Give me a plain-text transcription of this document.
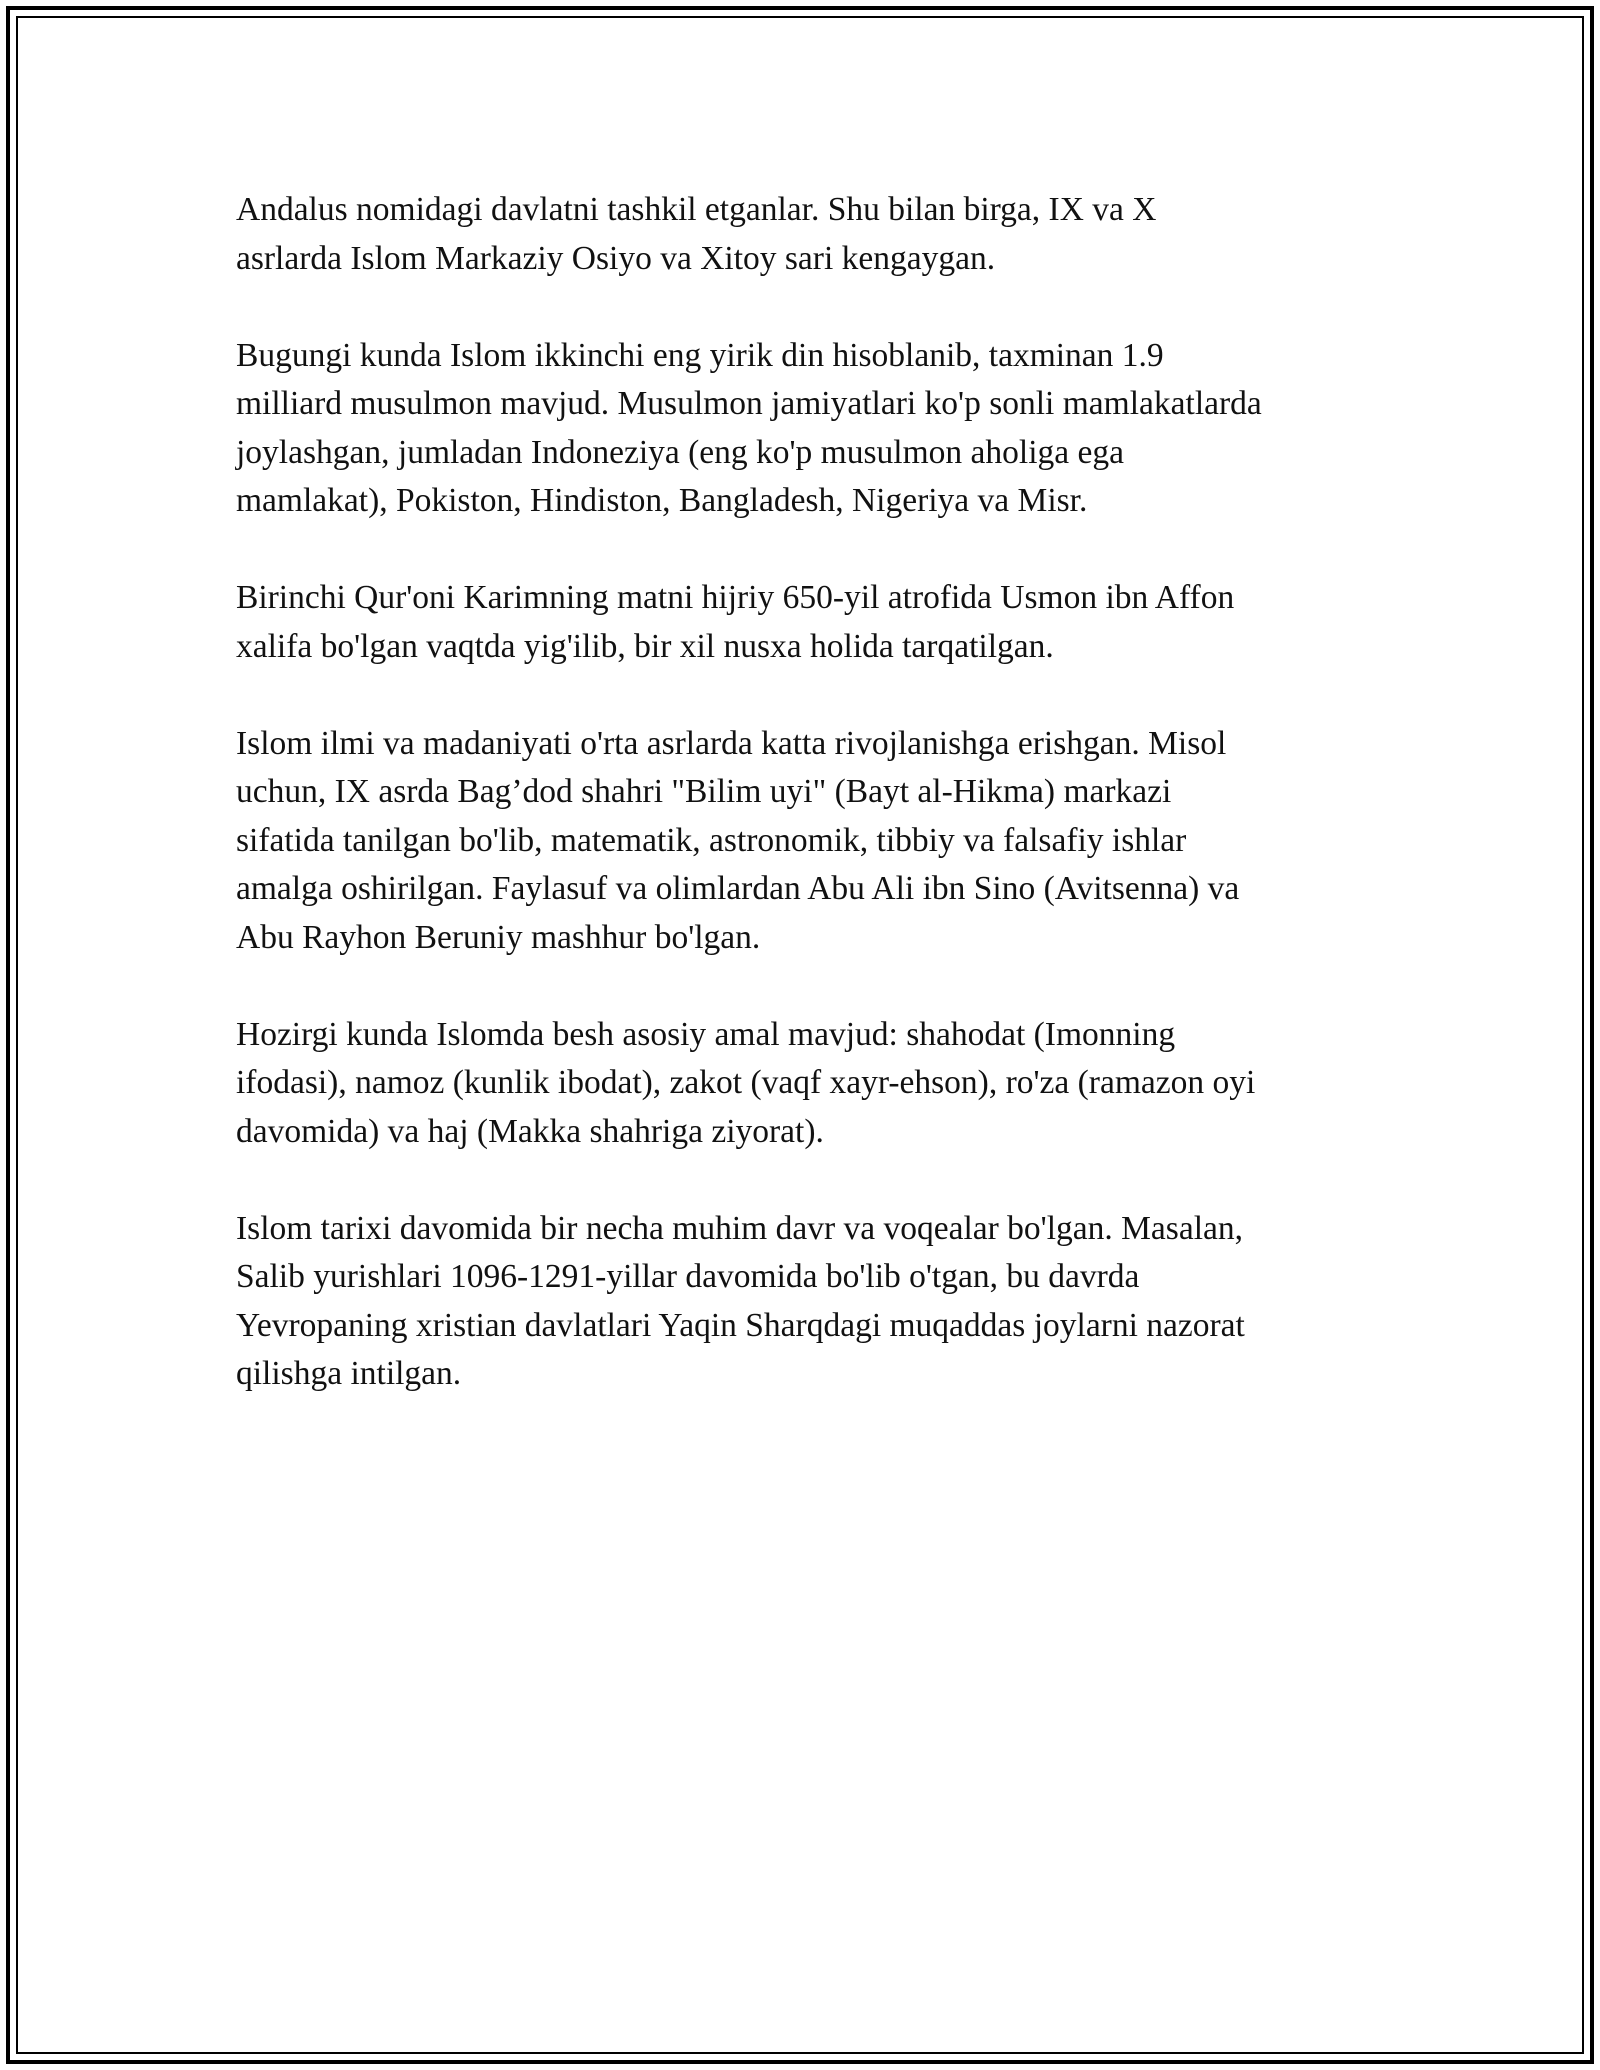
Andalus nomidagi davlatni tashkil etganlar. Shu bilan birga, IX va X
asrlarda Islom Markaziy Osiyo va Xitoy sari kengaygan.

Bugungi kunda Islom ikkinchi eng yirik din hisoblanib, taxminan 1.9
milliard musulmon mavjud. Musulmon jamiyatlari ko'p sonli mamlakatlarda
joylashgan, jumladan Indoneziya (eng ko'p musulmon aholiga ega
mamlakat), Pokiston, Hindiston, Bangladesh, Nigeriya va Misr.

Birinchi Qur'oni Karimning matni hijriy 650-yil atrofida Usmon ibn Affon
xalifa bo'lgan vaqtda yig'ilib, bir xil nusxa holida tarqatilgan.

Islom ilmi va madaniyati o'rta asrlarda katta rivojlanishga erishgan. Misol
uchun, IX asrda Bag’dod shahri "Bilim uyi" (Bayt al-Hikma) markazi
sifatida tanilgan bo'lib, matematik, astronomik, tibbiy va falsafiy ishlar
amalga oshirilgan. Faylasuf va olimlardan Abu Ali ibn Sino (Avitsenna) va
Abu Rayhon Beruniy mashhur bo'lgan.

Hozirgi kunda Islomda besh asosiy amal mavjud: shahodat (Imonning
ifodasi), namoz (kunlik ibodat), zakot (vaqf xayr-ehson), ro'za (ramazon oyi
davomida) va haj (Makka shahriga ziyorat).

Islom tarixi davomida bir necha muhim davr va voqealar bo'lgan. Masalan,
Salib yurishlari 1096-1291-yillar davomida bo'lib o'tgan, bu davrda
Yevropaning xristian davlatlari Yaqin Sharqdagi muqaddas joylarni nazorat
qilishga intilgan.
